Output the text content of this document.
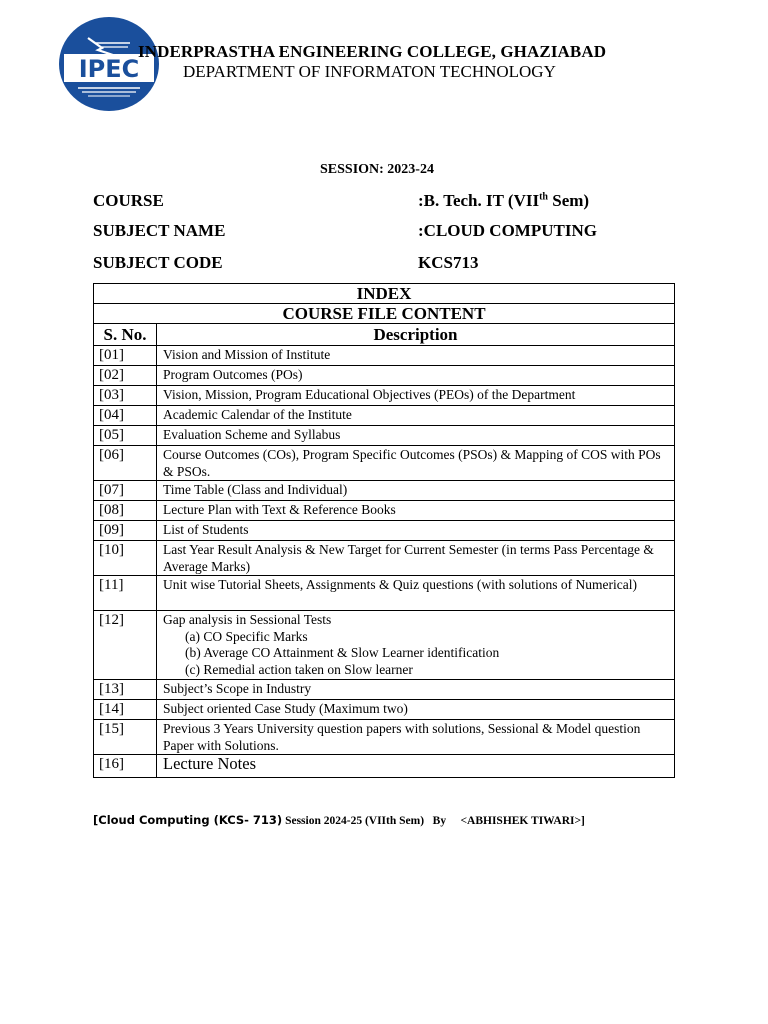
IPEC
INDERPRASTHA ENGINEERING COLLEGE, GHAZIABAD
DEPARTMENT OF INFORMATON TECHNOLOGY
SESSION: 2023-24
COURSE	:B. Tech. IT (VIIth Sem)
SUBJECT NAME	:CLOUD COMPUTING
SUBJECT CODE	KCS713
INDEX	
COURSE FILE CONTENT	
S. No.	Description
[01]	Vision and Mission of Institute

[02]	Program Outcomes (POs)

[03]	Vision, Mission, Program Educational Objectives (PEOs) of the Department

[04]	Academic Calendar of the Institute

[05]	Evaluation Scheme and Syllabus

[06]	Course Outcomes (COs), Program Specific Outcomes (PSOs) & Mapping of COS with POs & PSOs.

[07]	Time Table (Class and Individual)

[08]	Lecture Plan with Text & Reference Books

[09]	List of Students

[10]	Last Year Result Analysis & New Target for Current Semester (in terms Pass Percentage & Average Marks)

[11]	Unit wise Tutorial Sheets, Assignments & Quiz questions (with solutions of Numerical)

[12]	Gap analysis in Sessional Tests
(a) CO Specific Marks
(b) Average CO Attainment & Slow Learner identification
(c) Remedial action taken on Slow learner

[13]	Subject’s Scope in Industry

[14]	Subject oriented Case Study (Maximum two)

[15]	Previous 3 Years University question papers with solutions, Sessional & Model question Paper with Solutions.

[16]	Lecture Notes
[Cloud Computing (KCS- 713) Session 2024-25 (VIIth Sem) By <ABHISHEK TIWARI>]
